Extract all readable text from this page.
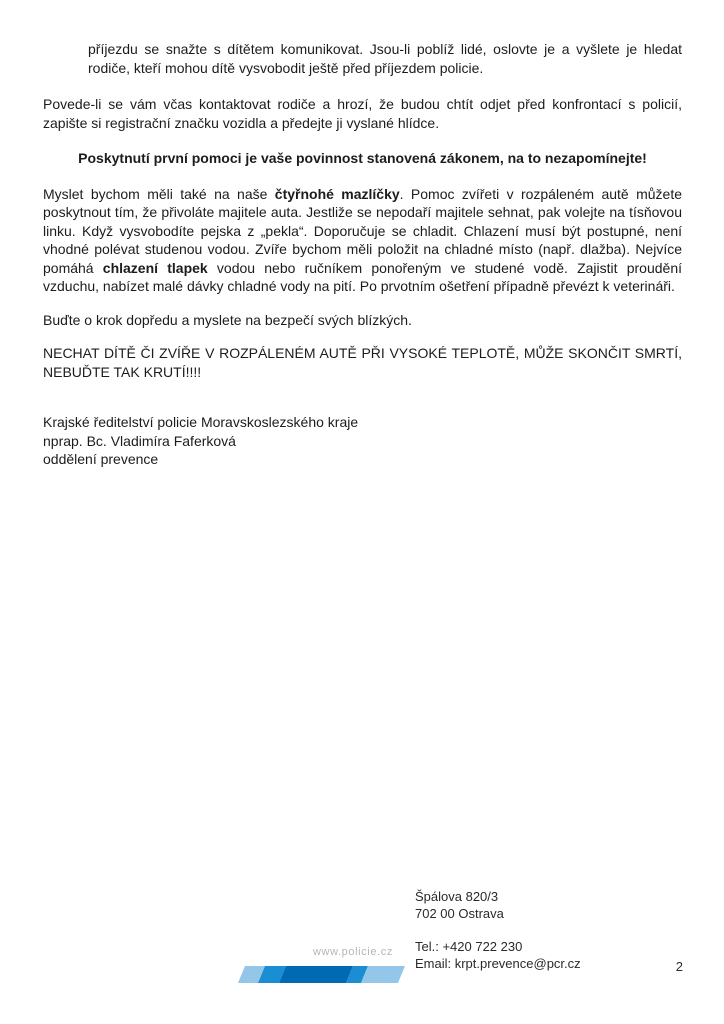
příjezdu se snažte s dítětem komunikovat. Jsou-li poblíž lidé, oslovte je a vyšlete je hledat rodiče, kteří mohou dítě vysvobodit ještě před příjezdem policie.

Povede-li se vám včas kontaktovat rodiče a hrozí, že budou chtít odjet před konfrontací s policií, zapište si registrační značku vozidla a předejte ji vyslané hlídce.

Poskytnutí první pomoci je vaše povinnost stanovená zákonem, na to nezapomínejte!

Myslet bychom měli také na naše čtyřnohé mazlíčky. Pomoc zvířeti v rozpáleném autě můžete poskytnout tím, že přivoláte majitele auta. Jestliže se nepodaří majitele sehnat, pak volejte na tísňovou linku. Když vysvobodíte pejska z „pekla“. Doporučuje se chladit. Chlazení musí být postupné, není vhodné polévat studenou vodou. Zvíře bychom měli položit na chladné místo (např. dlažba). Nejvíce pomáhá chlazení tlapek vodou nebo ručníkem ponořeným ve studené vodě. Zajistit proudění vzduchu, nabízet malé dávky chladné vody na pití. Po prvotním ošetření případně převézt k veterináři.

Buďte o krok dopředu a myslete na bezpečí svých blízkých.

NECHAT DÍTĚ ČI ZVÍŘE V ROZPÁLENÉM AUTĚ PŘI VYSOKÉ TEPLOTĚ, MŮŽE SKONČIT SMRTÍ, NEBUĎTE TAK KRUTÍ!!!!

Krajské ředitelství policie Moravskoslezského kraje

nprap. Bc. Vladimíra Faferková

oddělení prevence

Špálova 820/3
702 00 Ostrava
Tel.: +420 722 230
Email: krpt.prevence@pcr.cz
www.policie.cz
2
